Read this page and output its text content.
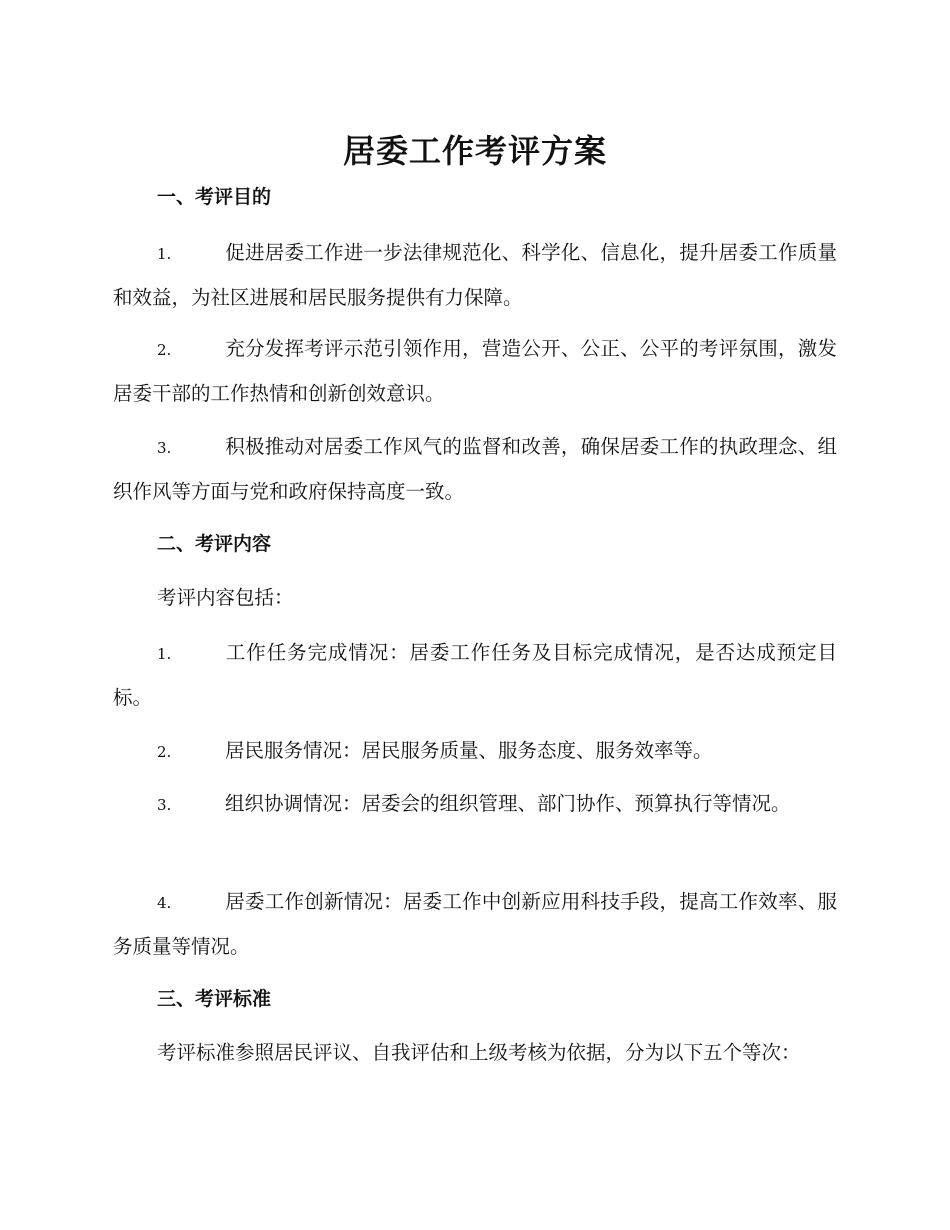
居委工作考评方案
一、考评目的

1.	促进居委工作进一步法律规范化、科学化、信息化，提升居委工作质量和效益，为社区进展和居民服务提供有力保障。

2.	充分发挥考评示范引领作用，营造公开、公正、公平的考评氛围，激发居委干部的工作热情和创新创效意识。

3.	积极推动对居委工作风气的监督和改善，确保居委工作的执政理念、组织作风等方面与党和政府保持高度一致。

二、考评内容

考评内容包括：

1.	工作任务完成情况：居委工作任务及目标完成情况，是否达成预定目标。

2.	居民服务情况：居民服务质量、服务态度、服务效率等。

3.	组织协调情况：居委会的组织管理、部门协作、预算执行等情况。

4.	居委工作创新情况：居委工作中创新应用科技手段，提高工作效率、服务质量等情况。

三、考评标准

考评标准参照居民评议、自我评估和上级考核为依据，分为以下五个等次：
